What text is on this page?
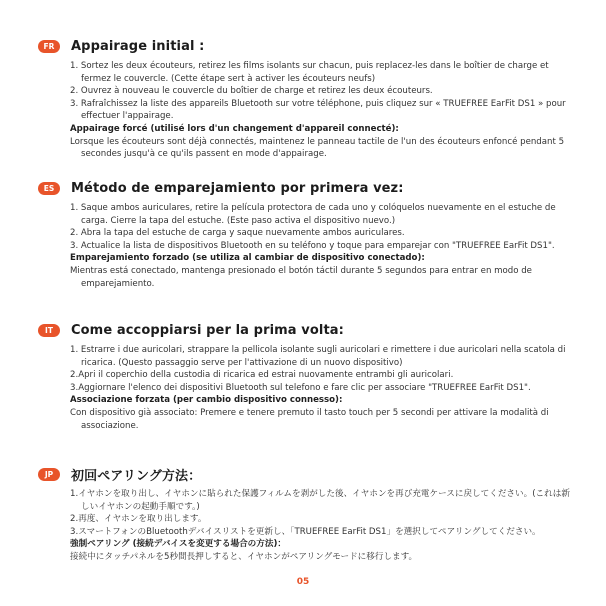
FR	Appairage initial :
1. Sortez les deux écouteurs, retirez les films isolants sur chacun, puis replacez-les dans le boîtier de charge et fermez le couvercle. (Cette étape sert à activer les écouteurs neufs)
2. Ouvrez à nouveau le couvercle du boîtier de charge et retirez les deux écouteurs.
3. Rafraîchissez la liste des appareils Bluetooth sur votre téléphone, puis cliquez sur « TRUEFREE EarFit DS1 » pour effectuer l'appairage.
Appairage forcé (utilisé lors d'un changement d'appareil connecté):
Lorsque les écouteurs sont déjà connectés, maintenez le panneau tactile de l'un des écouteurs enfoncé pendant 5 secondes jusqu'à ce qu'ils passent en mode d'appairage.
ES	Método de emparejamiento por primera vez:
1. Saque ambos auriculares, retire la película protectora de cada uno y colóquelos nuevamente en el estuche de carga. Cierre la tapa del estuche. (Este paso activa el dispositivo nuevo.)
2. Abra la tapa del estuche de carga y saque nuevamente ambos auriculares.
3. Actualice la lista de dispositivos Bluetooth en su teléfono y toque para emparejar con "TRUEFREE EarFit DS1".
Emparejamiento forzado (se utiliza al cambiar de dispositivo conectado):
Mientras está conectado, mantenga presionado el botón táctil durante 5 segundos para entrar en modo de emparejamiento.
IT	Come accoppiarsi per la prima volta:
1. Estrarre i due auricolari, strappare la pellicola isolante sugli auricolari e rimettere i due auricolari nella scatola di ricarica. (Questo passaggio serve per l'attivazione di un nuovo dispositivo)
2.Apri il coperchio della custodia di ricarica ed estrai nuovamente entrambi gli auricolari.
3.Aggiornare l'elenco dei dispositivi Bluetooth sul telefono e fare clic per associare "TRUEFREE EarFit DS1".
Associazione forzata (per cambio dispositivo connesso):
Con dispositivo già associato: Premere e tenere premuto il tasto touch per 5 secondi per attivare la modalità di associazione.
JP	初回ペアリング方法：
1.イヤホンを取り出し、イヤホンに貼られた保護フィルムを剥がした後、イヤホンを再び充電ケースに戻してください。(これは新しいイヤホンの起動手順です。)
2.再度、イヤホンを取り出します。
3.スマートフォンのBluetoothデバイスリストを更新し、「TRUEFREE EarFit DS1」を選択してペアリングしてください。
強制ペアリング (接続デバイスを変更する場合の方法)：
接続中にタッチパネルを5秒間長押しすると、イヤホンがペアリングモードに移行します。
05
